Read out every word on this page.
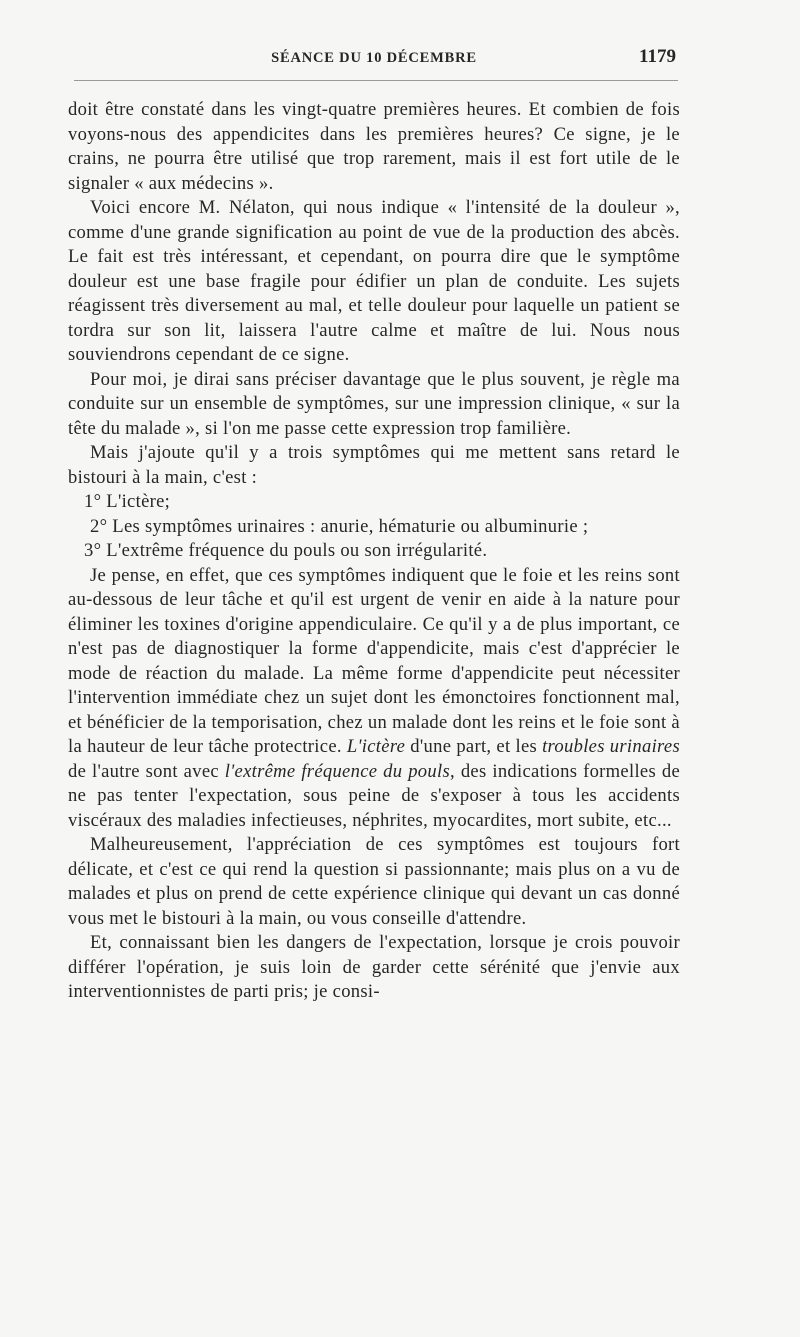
SÉANCE DU 10 DÉCEMBRE	1179

doit être constaté dans les vingt-quatre premières heures. Et combien de fois voyons-nous des appendicites dans les premières heures? Ce signe, je le crains, ne pourra être utilisé que trop rarement, mais il est fort utile de le signaler « aux médecins ».

Voici encore M. Nélaton, qui nous indique « l'intensité de la douleur », comme d'une grande signification au point de vue de la production des abcès. Le fait est très intéressant, et cependant, on pourra dire que le symptôme douleur est une base fragile pour édifier un plan de conduite. Les sujets réagissent très diversement au mal, et telle douleur pour laquelle un patient se tordra sur son lit, laissera l'autre calme et maître de lui. Nous nous souviendrons cependant de ce signe.

Pour moi, je dirai sans préciser davantage que le plus souvent, je règle ma conduite sur un ensemble de symptômes, sur une impression clinique, « sur la tête du malade », si l'on me passe cette expression trop familière.

Mais j'ajoute qu'il y a trois symptômes qui me mettent sans retard le bistouri à la main, c'est :

1° L'ictère;

2° Les symptômes urinaires : anurie, hématurie ou albuminurie ;

3° L'extrême fréquence du pouls ou son irrégularité.

Je pense, en effet, que ces symptômes indiquent que le foie et les reins sont au-dessous de leur tâche et qu'il est urgent de venir en aide à la nature pour éliminer les toxines d'origine appendiculaire. Ce qu'il y a de plus important, ce n'est pas de diagnostiquer la forme d'appendicite, mais c'est d'apprécier le mode de réaction du malade. La même forme d'appendicite peut nécessiter l'intervention immédiate chez un sujet dont les émonctoires fonctionnent mal, et bénéficier de la temporisation, chez un malade dont les reins et le foie sont à la hauteur de leur tâche protectrice. L'ictère d'une part, et les troubles urinaires de l'autre sont avec l'extrême fréquence du pouls, des indications formelles de ne pas tenter l'expectation, sous peine de s'exposer à tous les accidents viscéraux des maladies infectieuses, néphrites, myocardites, mort subite, etc...

Malheureusement, l'appréciation de ces symptômes est toujours fort délicate, et c'est ce qui rend la question si passionnante; mais plus on a vu de malades et plus on prend de cette expérience clinique qui devant un cas donné vous met le bistouri à la main, ou vous conseille d'attendre.

Et, connaissant bien les dangers de l'expectation, lorsque je crois pouvoir différer l'opération, je suis loin de garder cette sérénité que j'envie aux interventionnistes de parti pris; je consi-
